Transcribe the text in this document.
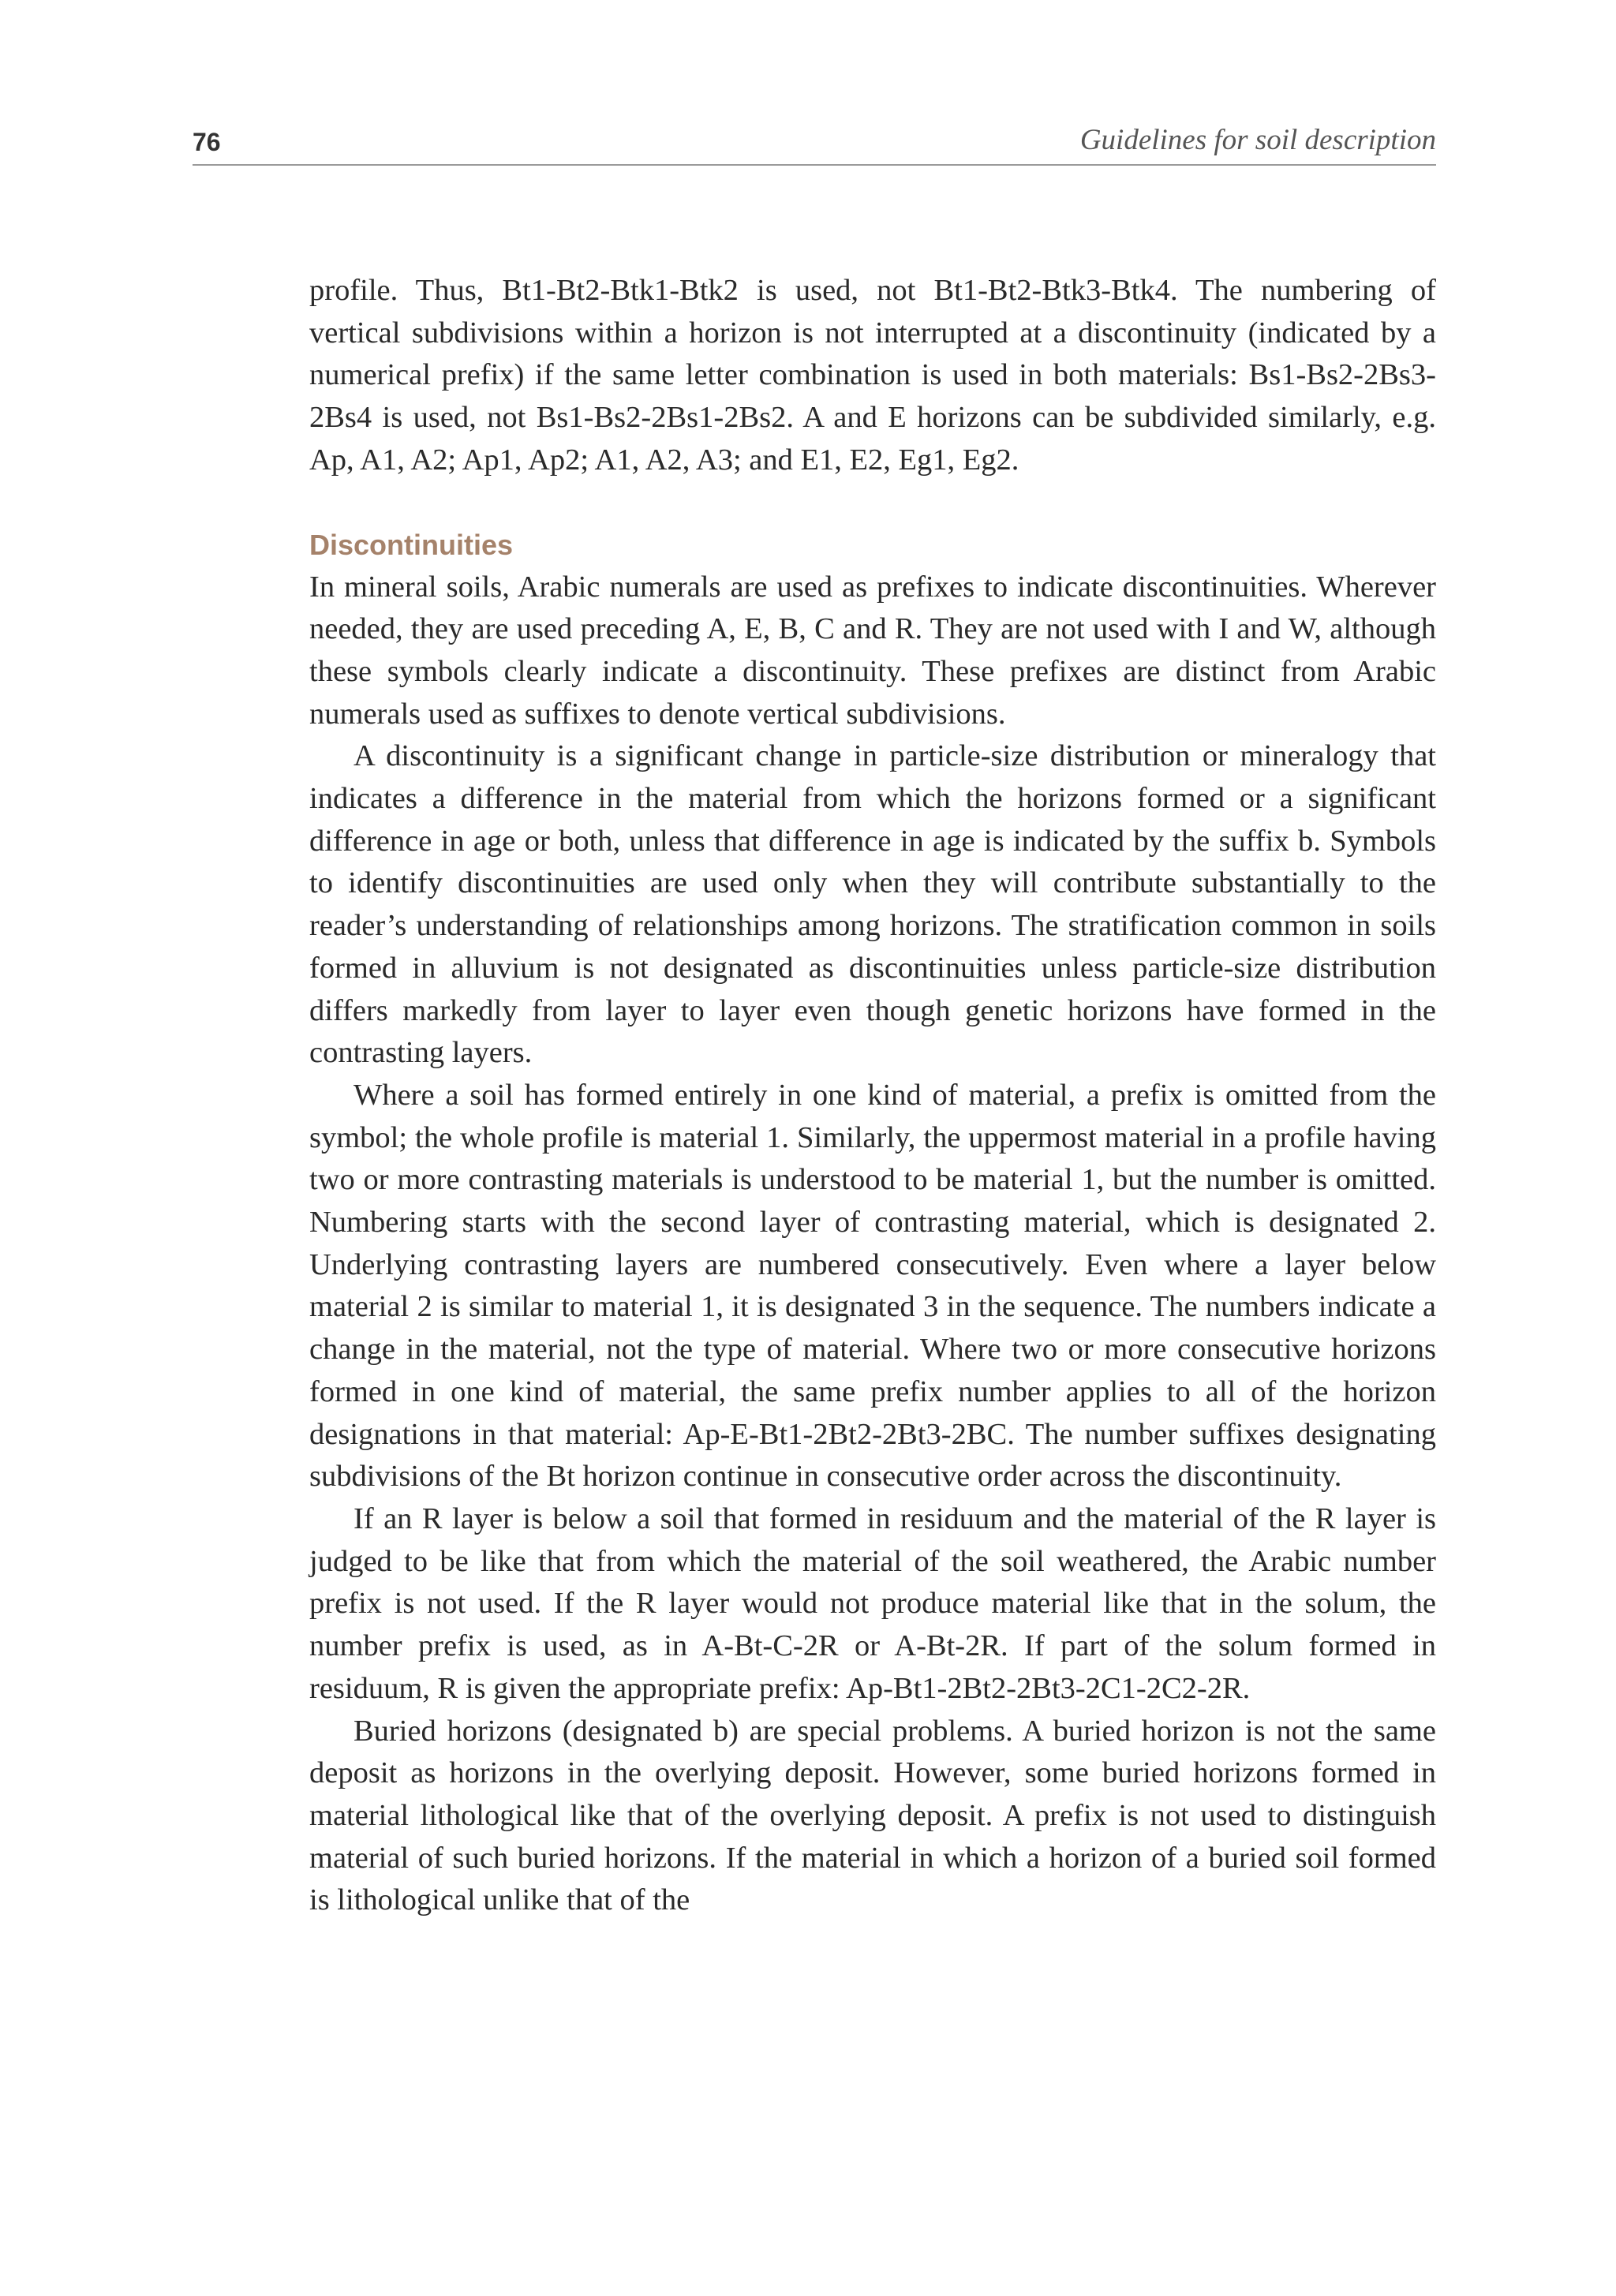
76	Guidelines for soil description

profile. Thus, Bt1-Bt2-Btk1-Btk2 is used, not Bt1-Bt2-Btk3-Btk4. The numbering of vertical subdivisions within a horizon is not interrupted at a discontinuity (indicated by a numerical prefix) if the same letter combination is used in both materials: Bs1-Bs2-2Bs3-2Bs4 is used, not Bs1-Bs2-2Bs1-2Bs2. A and E horizons can be subdivided similarly, e.g. Ap, A1, A2; Ap1, Ap2; A1, A2, A3; and E1, E2, Eg1, Eg2.

Discontinuities

In mineral soils, Arabic numerals are used as prefixes to indicate discontinuities. Wherever needed, they are used preceding A, E, B, C and R. They are not used with I and W, although these symbols clearly indicate a discontinuity. These prefixes are distinct from Arabic numerals used as suffixes to denote vertical subdivisions.

A discontinuity is a significant change in particle-size distribution or mineralogy that indicates a difference in the material from which the horizons formed or a significant difference in age or both, unless that difference in age is indicated by the suffix b. Symbols to identify discontinuities are used only when they will contribute substantially to the reader’s understanding of relationships among horizons. The stratification common in soils formed in alluvium is not designated as discontinuities unless particle-size distribution differs markedly from layer to layer even though genetic horizons have formed in the contrasting layers.

Where a soil has formed entirely in one kind of material, a prefix is omitted from the symbol; the whole profile is material 1. Similarly, the uppermost material in a profile having two or more contrasting materials is understood to be material 1, but the number is omitted. Numbering starts with the second layer of contrasting material, which is designated 2. Underlying contrasting layers are numbered consecutively. Even where a layer below material 2 is similar to material 1, it is designated 3 in the sequence. The numbers indicate a change in the material, not the type of material. Where two or more consecutive horizons formed in one kind of material, the same prefix number applies to all of the horizon designations in that material: Ap-E-Bt1-2Bt2-2Bt3-2BC. The number suffixes designating subdivisions of the Bt horizon continue in consecutive order across the discontinuity.

If an R layer is below a soil that formed in residuum and the material of the R layer is judged to be like that from which the material of the soil weathered, the Arabic number prefix is not used. If the R layer would not produce material like that in the solum, the number prefix is used, as in A-Bt-C-2R or A-Bt-2R. If part of the solum formed in residuum, R is given the appropriate prefix: Ap-Bt1-2Bt2-2Bt3-2C1-2C2-2R.

Buried horizons (designated b) are special problems. A buried horizon is not the same deposit as horizons in the overlying deposit. However, some buried horizons formed in material lithological like that of the overlying deposit. A prefix is not used to distinguish material of such buried horizons. If the material in which a horizon of a buried soil formed is lithological unlike that of the
